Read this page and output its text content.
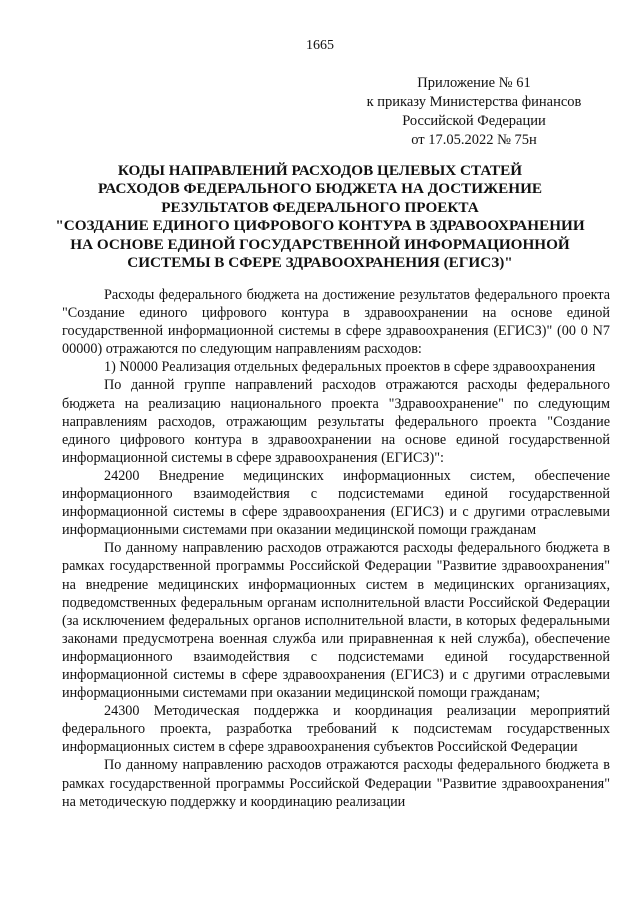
1665
Приложение № 61
к приказу Министерства финансов
Российской Федерации
от 17.05.2022 № 75н
КОДЫ НАПРАВЛЕНИЙ РАСХОДОВ ЦЕЛЕВЫХ СТАТЕЙ
РАСХОДОВ ФЕДЕРАЛЬНОГО БЮДЖЕТА НА ДОСТИЖЕНИЕ
РЕЗУЛЬТАТОВ ФЕДЕРАЛЬНОГО ПРОЕКТА
"СОЗДАНИЕ ЕДИНОГО ЦИФРОВОГО КОНТУРА В ЗДРАВООХРАНЕНИИ
НА ОСНОВЕ ЕДИНОЙ ГОСУДАРСТВЕННОЙ ИНФОРМАЦИОННОЙ
СИСТЕМЫ В СФЕРЕ ЗДРАВООХРАНЕНИЯ (ЕГИСЗ)"

Расходы федерального бюджета на достижение результатов федерального проекта "Создание единого цифрового контура в здравоохранении на основе единой государственной информационной системы в сфере здравоохранения (ЕГИСЗ)" (00 0 N7 00000) отражаются по следующим направлениям расходов:

1) N0000 Реализация отдельных федеральных проектов в сфере здравоохранения

По данной группе направлений расходов отражаются расходы федерального бюджета на реализацию национального проекта "Здравоохранение" по следующим направлениям расходов, отражающим результаты федерального проекта "Создание единого цифрового контура в здравоохранении на основе единой государственной информационной системы в сфере здравоохранения (ЕГИСЗ)":

24200 Внедрение медицинских информационных систем, обеспечение информационного взаимодействия с подсистемами единой государственной информационной системы в сфере здравоохранения (ЕГИСЗ) и с другими отраслевыми информационными системами при оказании медицинской помощи гражданам

По данному направлению расходов отражаются расходы федерального бюджета в рамках государственной программы Российской Федерации "Развитие здравоохранения" на внедрение медицинских информационных систем в медицинских организациях, подведомственных федеральным органам исполнительной власти Российской Федерации (за исключением федеральных органов исполнительной власти, в которых федеральными законами предусмотрена военная служба или приравненная к ней служба), обеспечение информационного взаимодействия с подсистемами единой государственной информационной системы в сфере здравоохранения (ЕГИСЗ) и с другими отраслевыми информационными системами при оказании медицинской помощи гражданам;

24300 Методическая поддержка и координация реализации мероприятий федерального проекта, разработка требований к подсистемам государственных информационных систем в сфере здравоохранения субъектов Российской Федерации

По данному направлению расходов отражаются расходы федерального бюджета в рамках государственной программы Российской Федерации "Развитие здравоохранения" на методическую поддержку и координацию реализации
